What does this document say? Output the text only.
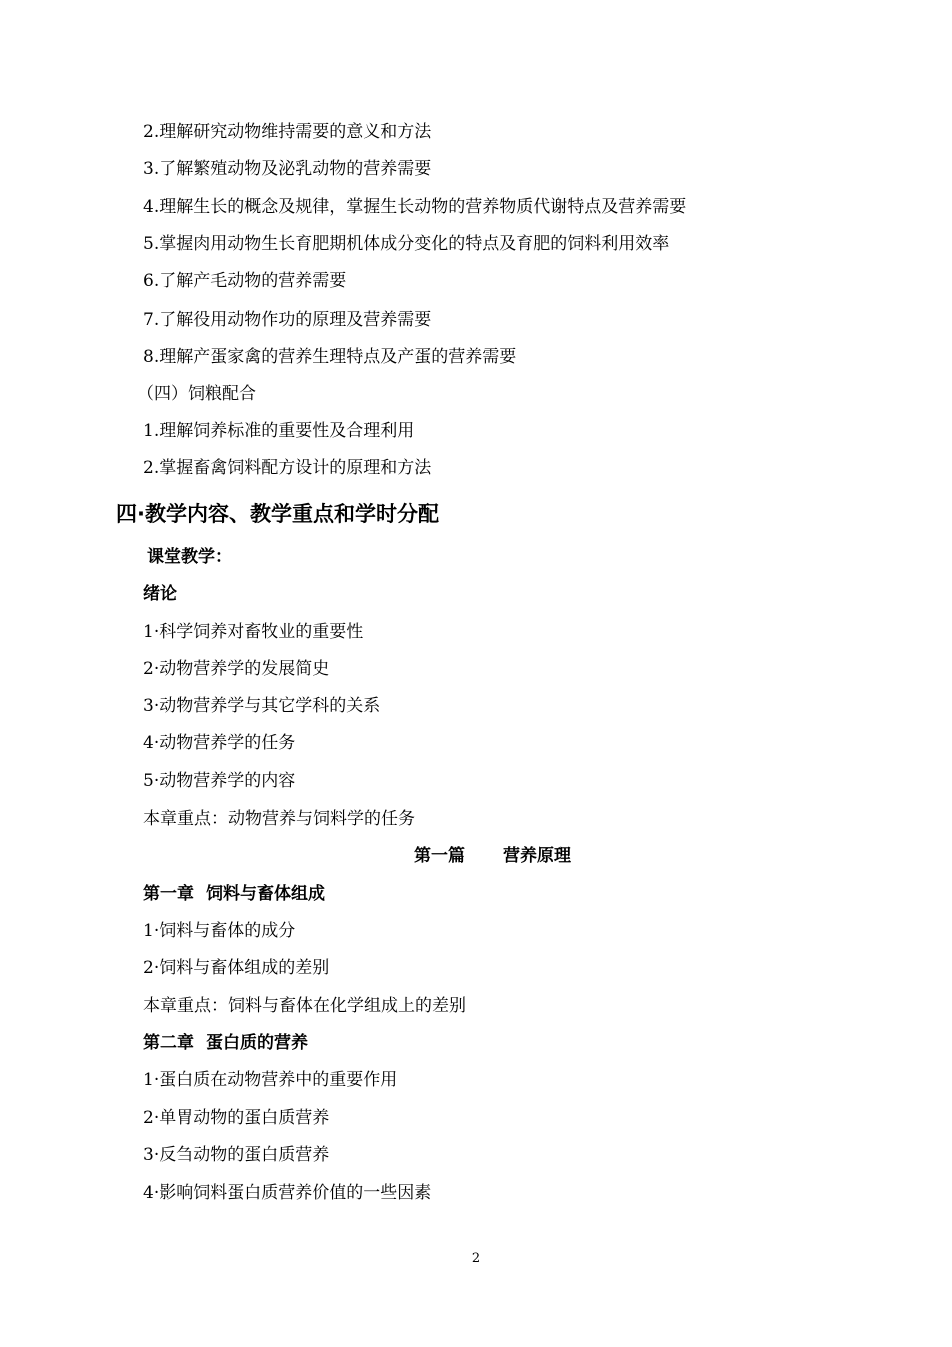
2.理解研究动物维持需要的意义和方法
3.了解繁殖动物及泌乳动物的营养需要
4.理解生长的概念及规律，掌握生长动物的营养物质代谢特点及营养需要
5.掌握肉用动物生长育肥期机体成分变化的特点及育肥的饲料利用效率
6.了解产毛动物的营养需要
7.了解役用动物作功的原理及营养需要
8.理解产蛋家禽的营养生理特点及产蛋的营养需要
（四）饲粮配合
1.理解饲养标准的重要性及合理利用
2.掌握畜禽饲料配方设计的原理和方法
四·教学内容、教学重点和学时分配
课堂教学：
绪论
1·科学饲养对畜牧业的重要性
2·动物营养学的发展简史
3·动物营养学与其它学科的关系
4·动物营养学的任务
5·动物营养学的内容
本章重点：动物营养与饲料学的任务
第一篇 营养原理
第一章 饲料与畜体组成
1·饲料与畜体的成分
2·饲料与畜体组成的差别
本章重点：饲料与畜体在化学组成上的差别
第二章 蛋白质的营养
1·蛋白质在动物营养中的重要作用
2·单胃动物的蛋白质营养
3·反刍动物的蛋白质营养
4·影响饲料蛋白质营养价值的一些因素
2
